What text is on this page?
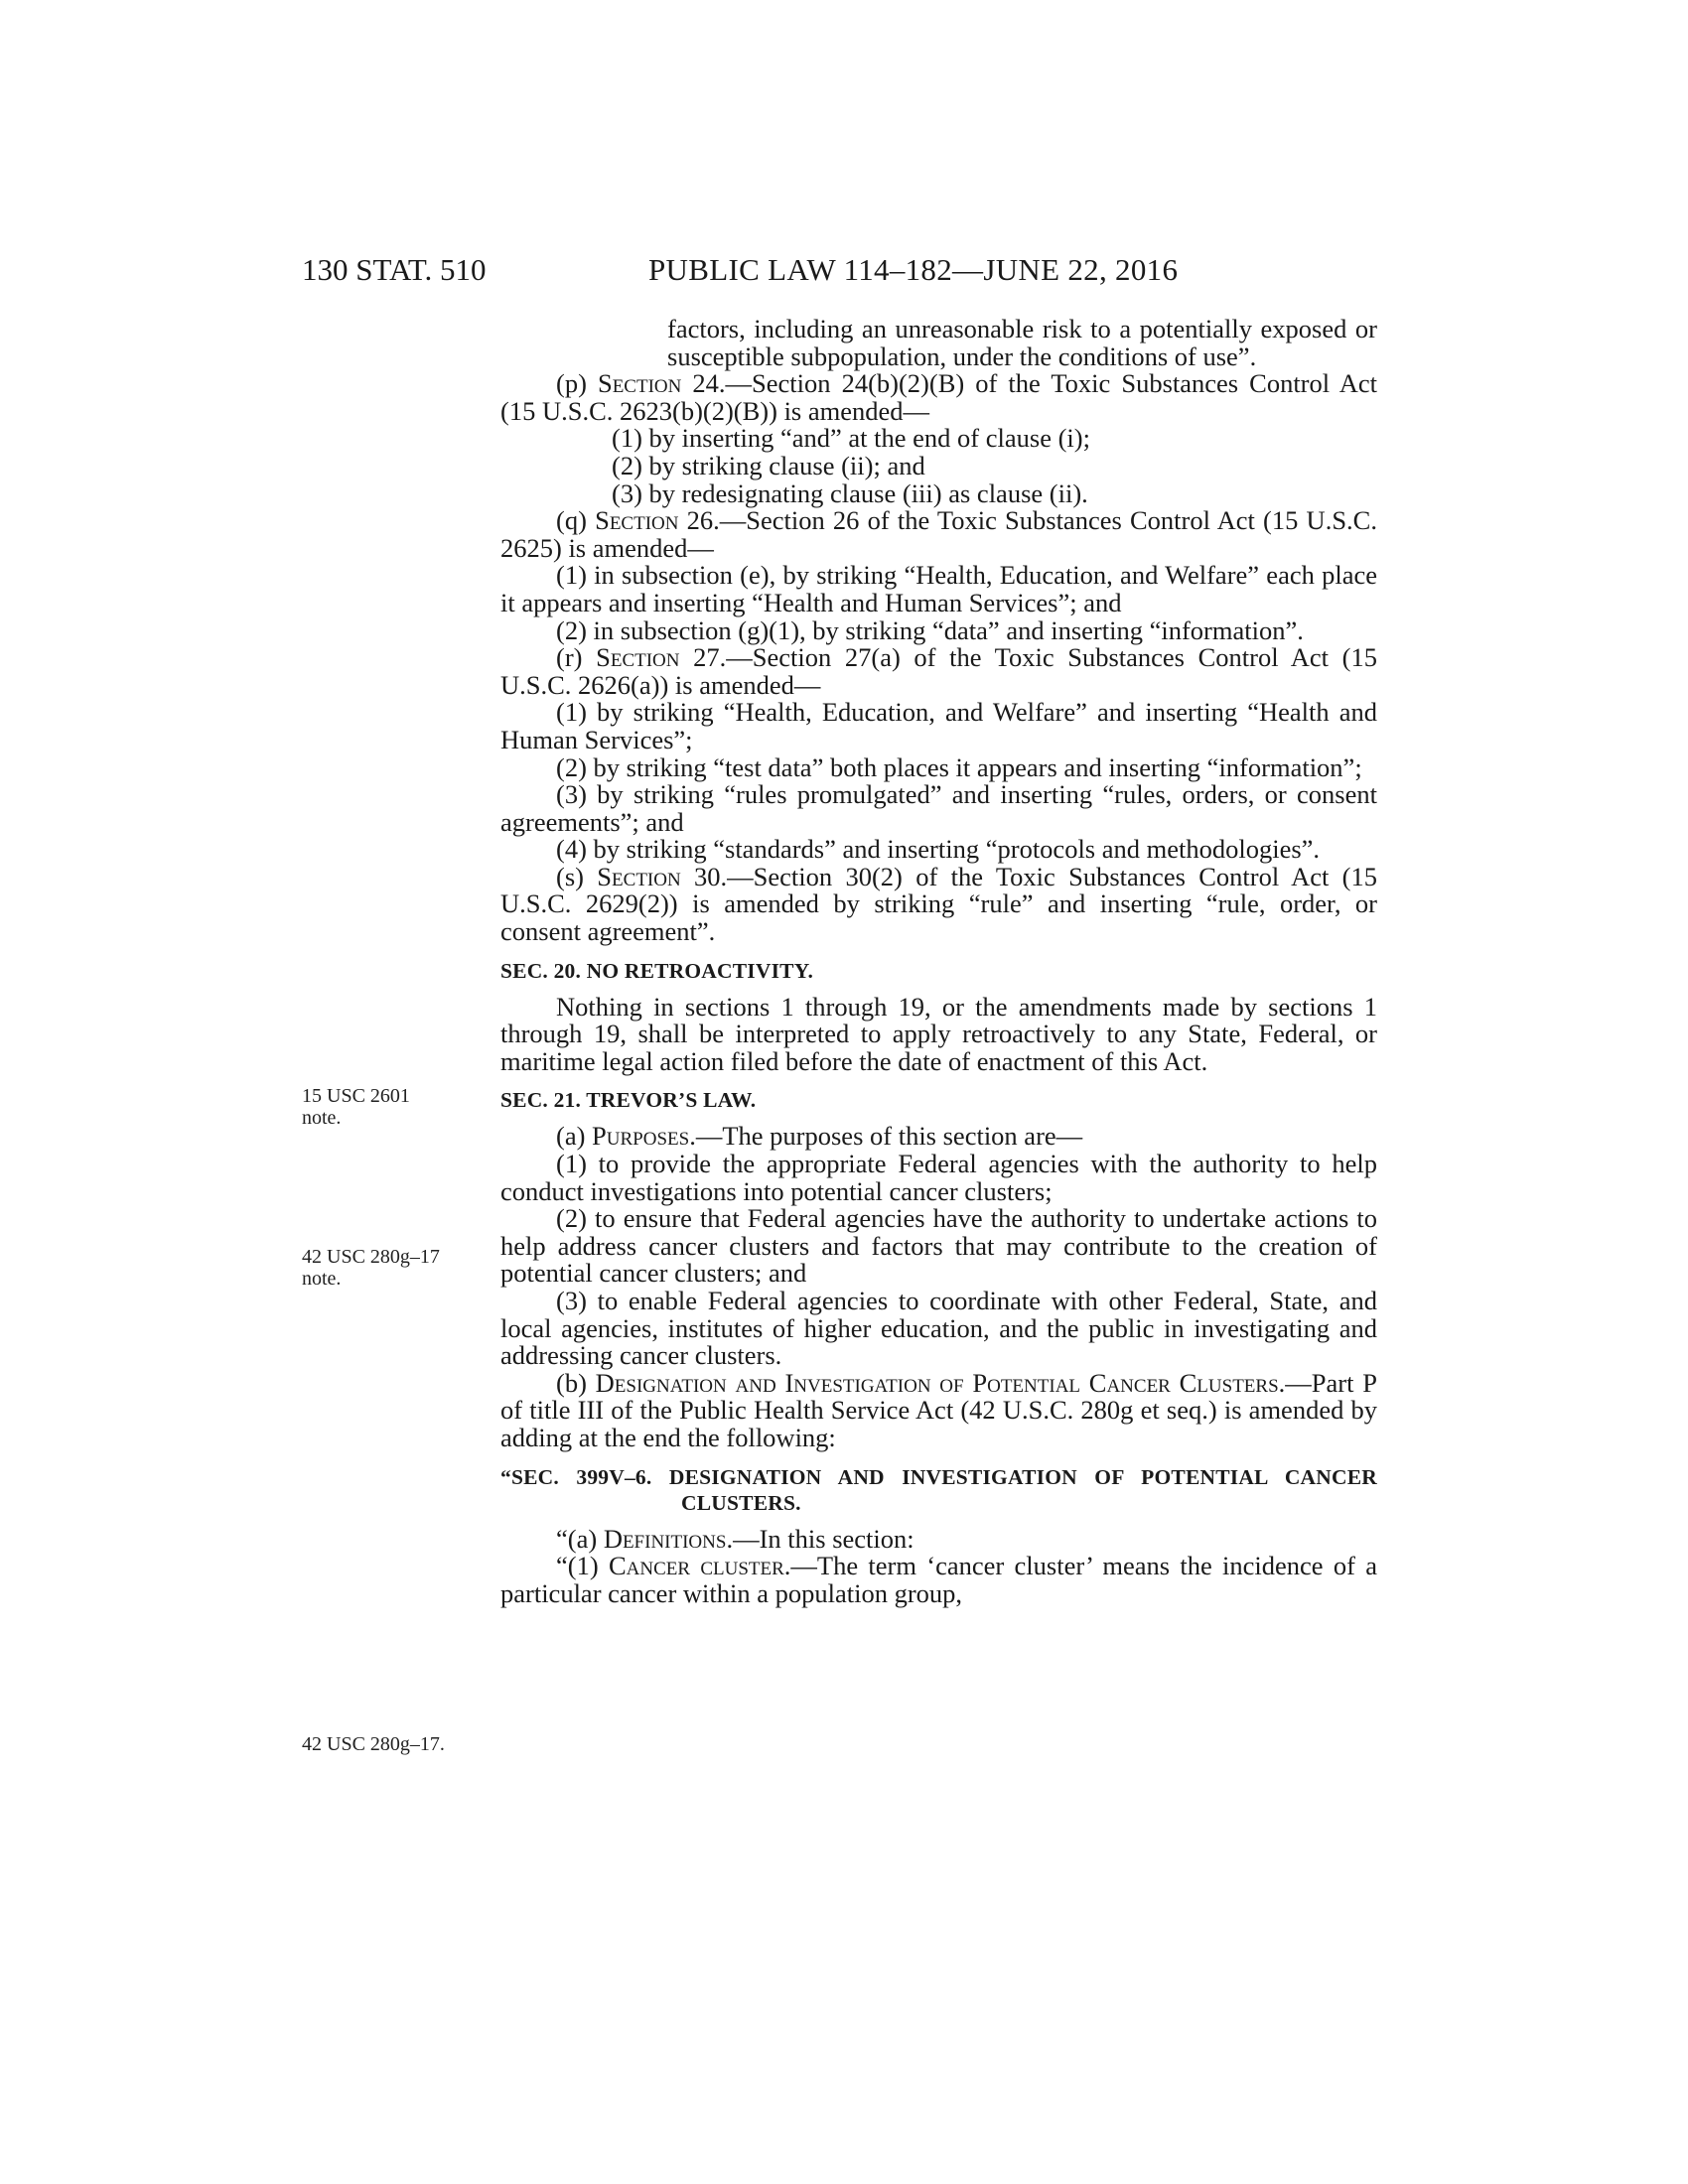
130 STAT. 510	PUBLIC LAW 114–182—JUNE 22, 2016
15 USC 2601
note.
42 USC 280g–17
note.
42 USC 280g–17.

factors, including an unreasonable risk to a potentially exposed or susceptible subpopulation, under the conditions of use”.

(p) Section 24.—Section 24(b)(2)(B) of the Toxic Substances Control Act (15 U.S.C. 2623(b)(2)(B)) is amended—

(1) by inserting “and” at the end of clause (i);

(2) by striking clause (ii); and

(3) by redesignating clause (iii) as clause (ii).

(q) Section 26.—Section 26 of the Toxic Substances Control Act (15 U.S.C. 2625) is amended—

(1) in subsection (e), by striking “Health, Education, and Welfare” each place it appears and inserting “Health and Human Services”; and

(2) in subsection (g)(1), by striking “data” and inserting “information”.

(r) Section 27.—Section 27(a) of the Toxic Substances Control Act (15 U.S.C. 2626(a)) is amended—

(1) by striking “Health, Education, and Welfare” and inserting “Health and Human Services”;

(2) by striking “test data” both places it appears and inserting “information”;

(3) by striking “rules promulgated” and inserting “rules, orders, or consent agreements”; and

(4) by striking “standards” and inserting “protocols and methodologies”.

(s) Section 30.—Section 30(2) of the Toxic Substances Control Act (15 U.S.C. 2629(2)) is amended by striking “rule” and inserting “rule, order, or consent agreement”.

SEC. 20. NO RETROACTIVITY.

Nothing in sections 1 through 19, or the amendments made by sections 1 through 19, shall be interpreted to apply retroactively to any State, Federal, or maritime legal action filed before the date of enactment of this Act.

SEC. 21. TREVOR’S LAW.

(a) Purposes.—The purposes of this section are—

(1) to provide the appropriate Federal agencies with the authority to help conduct investigations into potential cancer clusters;

(2) to ensure that Federal agencies have the authority to undertake actions to help address cancer clusters and factors that may contribute to the creation of potential cancer clusters; and

(3) to enable Federal agencies to coordinate with other Federal, State, and local agencies, institutes of higher education, and the public in investigating and addressing cancer clusters.

(b) Designation and Investigation of Potential Cancer Clusters.—Part P of title III of the Public Health Service Act (42 U.S.C. 280g et seq.) is amended by adding at the end the following:

“SEC. 399V–6. DESIGNATION AND INVESTIGATION OF POTENTIAL CANCER CLUSTERS.

“(a) Definitions.—In this section:

“(1) Cancer cluster.—The term ‘cancer cluster’ means the incidence of a particular cancer within a population group,
